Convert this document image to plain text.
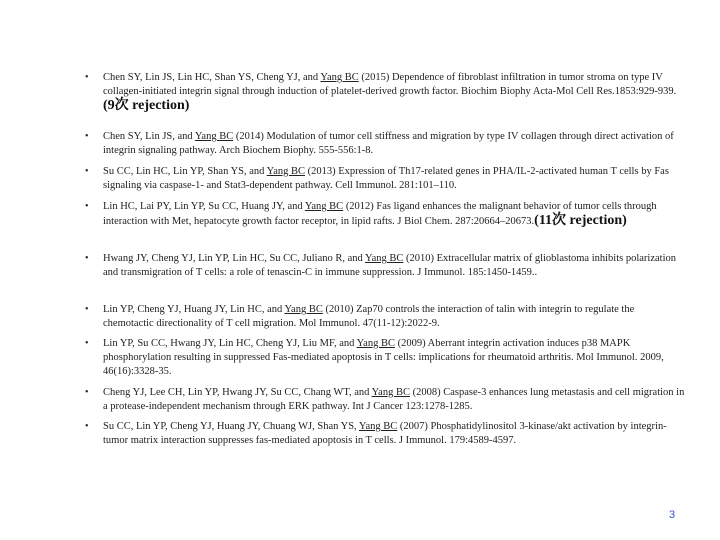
• Chen SY, Lin JS, Lin HC, Shan YS, Cheng YJ, and Yang BC (2015) Dependence of fibroblast infiltration in tumor stroma on type IV collagen-initiated integrin signal through induction of platelet-derived growth factor. Biochim Biophy Acta-Mol Cell Res.1853:929-939. (9次 rejection)
• Chen SY, Lin JS, and Yang BC (2014) Modulation of tumor cell stiffness and migration by type IV collagen through direct activation of integrin signaling pathway. Arch Biochem Biophy. 555-556:1-8.
• Su CC, Lin HC, Lin YP, Shan YS, and Yang BC (2013) Expression of Th17-related genes in PHA/IL-2-activated human T cells by Fas signaling via caspase-1- and Stat3-dependent pathway. Cell Immunol. 281:101–110.
• Lin HC, Lai PY, Lin YP, Su CC, Huang JY, and Yang BC (2012) Fas ligand enhances the malignant behavior of tumor cells through interaction with Met, hepatocyte growth factor receptor, in lipid rafts. J Biol Chem. 287:20664–20673.(11次 rejection)
• Hwang JY, Cheng YJ, Lin YP, Lin HC, Su CC, Juliano R, and Yang BC (2010) Extracellular matrix of glioblastoma inhibits polarization and transmigration of T cells: a role of tenascin-C in immune suppression. J Immunol. 185:1450-1459..
• Lin YP, Cheng YJ, Huang JY, Lin HC, and Yang BC (2010) Zap70 controls the interaction of talin with integrin to regulate the chemotactic directionality of T cell migration. Mol Immunol. 47(11-12):2022-9.
• Lin YP, Su CC, Hwang JY, Lin HC, Cheng YJ, Liu MF, and Yang BC (2009) Aberrant integrin activation induces p38 MAPK phosphorylation resulting in suppressed Fas-mediated apoptosis in T cells: implications for rheumatoid arthritis. Mol Immunol. 2009, 46(16):3328-35.
• Cheng YJ, Lee CH, Lin YP, Hwang JY, Su CC, Chang WT, and Yang BC (2008) Caspase-3 enhances lung metastasis and cell migration in a protease-independent mechanism through ERK pathway. Int J Cancer 123:1278-1285.
• Su CC, Lin YP, Cheng YJ, Huang JY, Chuang WJ, Shan YS, Yang BC (2007) Phosphatidylinositol 3-kinase/akt activation by integrin-tumor matrix interaction suppresses fas-mediated apoptosis in T cells. J Immunol. 179:4589-4597.
3
